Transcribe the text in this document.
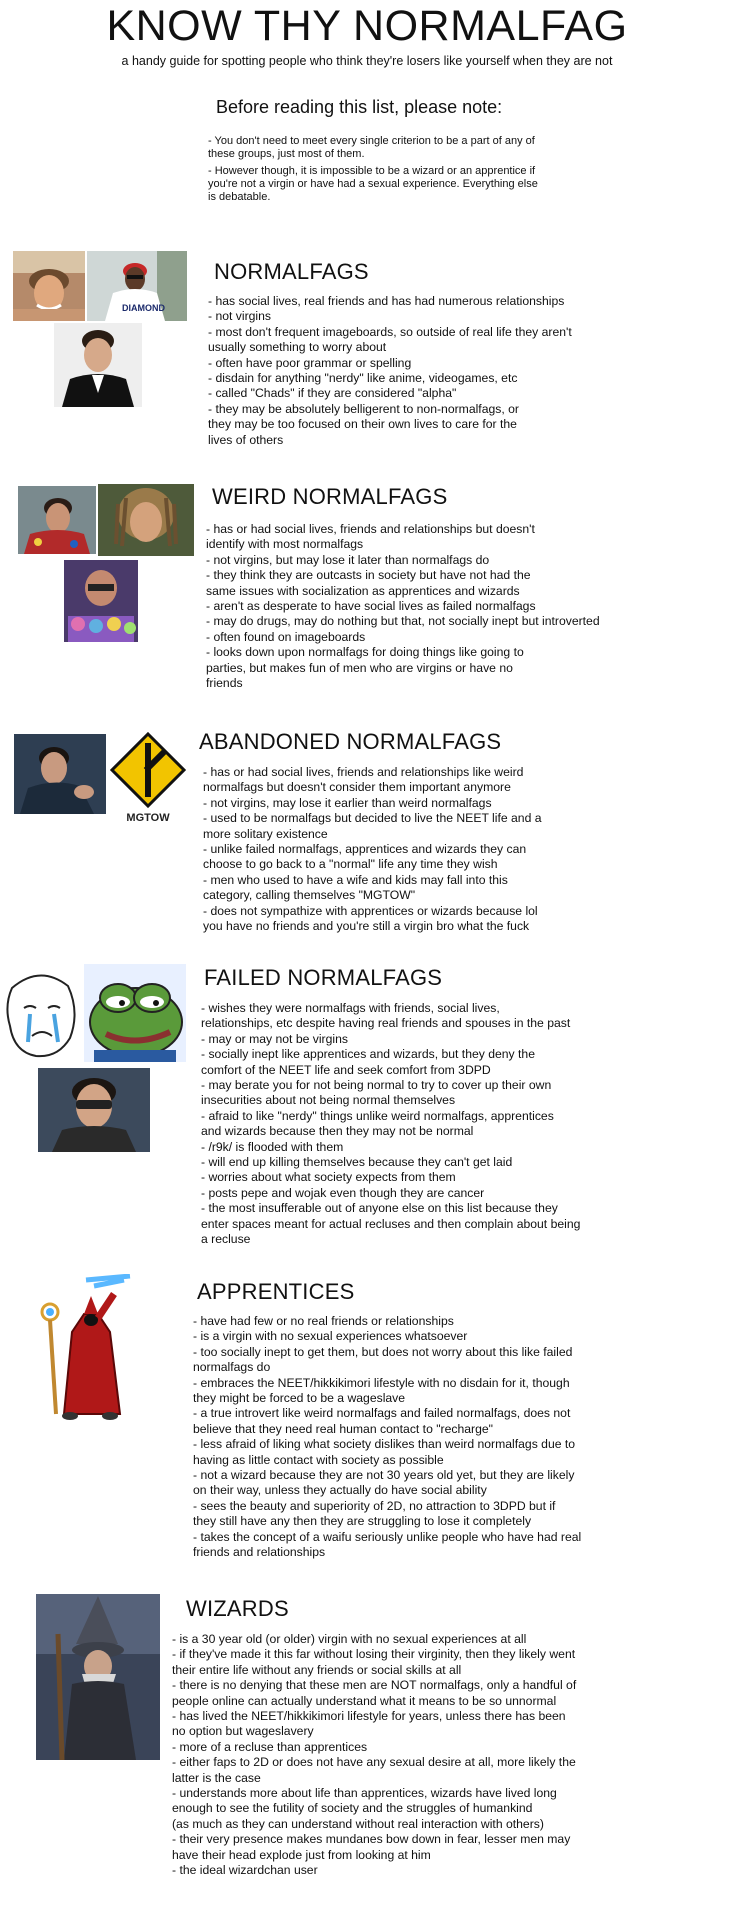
KNOW THY NORMALFAG
a handy guide for spotting people who think they're losers like yourself when they are not
Before reading this list, please note:
- You don't need to meet every single criterion to be a part of any of these groups, just most of them.
- However though, it is impossible to be a wizard or an apprentice if you're not a virgin or have had a sexual experience. Everything else is debatable.
DIAMOND
NORMALFAGS
- has social lives, real friends and has had numerous relationships
- not virgins
- most don't frequent imageboards, so outside of real life they aren't
usually something to worry about
- often have poor grammar or spelling
- disdain for anything "nerdy" like anime, videogames, etc
- called "Chads" if they are considered "alpha"
- they may be absolutely belligerent to non-normalfags, or
they may be too focused on their own lives to care for the
lives of others
WEIRD NORMALFAGS
- has or had social lives, friends and relationships but doesn't
identify with most normalfags
- not virgins, but may lose it later than normalfags do
- they think they are outcasts in society but have not had the
same issues with socialization as apprentices and wizards
- aren't as desperate to have social lives as failed normalfags
- may do drugs, may do nothing but that, not socially inept but introverted
- often found on imageboards
- looks down upon normalfags for doing things like going to
parties, but makes fun of men who are virgins or have no
friends
MGTOW
ABANDONED NORMALFAGS
- has or had social lives, friends and relationships like weird
normalfags but doesn't consider them important anymore
- not virgins, may lose it earlier than weird normalfags
- used to be normalfags but decided to live the NEET life and a
more solitary existence
- unlike failed normalfags, apprentices and wizards they can
choose to go back to a "normal" life any time they wish
- men who used to have a wife and kids may fall into this
category, calling themselves "MGTOW"
- does not sympathize with apprentices or wizards because lol
you have no friends and you're still a virgin bro what the fuck
FAILED NORMALFAGS
- wishes they were normalfags with friends, social lives,
relationships, etc despite having real friends and spouses in the past
- may or may not be virgins
- socially inept like apprentices and wizards, but they deny the
comfort of the NEET life and seek comfort from 3DPD
- may berate you for not being normal to try to cover up their own
insecurities about not being normal themselves
- afraid to like "nerdy" things unlike weird normalfags, apprentices
and wizards because then they may not be normal
- /r9k/ is flooded with them
- will end up killing themselves because they can't get laid
- worries about what society expects from them
- posts pepe and wojak even though they are cancer
- the most insufferable out of anyone else on this list because they
enter spaces meant for actual recluses and then complain about being
a recluse
APPRENTICES
- have had few or no real friends or relationships
- is a virgin with no sexual experiences whatsoever
- too socially inept to get them, but does not worry about this like failed
normalfags do
- embraces the NEET/hikkikimori lifestyle with no disdain for it, though
they might be forced to be a wageslave
- a true introvert like weird normalfags and failed normalfags, does not
believe that they need real human contact to "recharge"
- less afraid of liking what society dislikes than weird normalfags due to
having as little contact with society as possible
- not a wizard because they are not 30 years old yet, but they are likely
on their way, unless they actually do have social ability
- sees the beauty and superiority of 2D, no attraction to 3DPD but if
they still have any then they are struggling to lose it completely
- takes the concept of a waifu seriously unlike people who have had real
friends and relationships
WIZARDS
- is a 30 year old (or older) virgin with no sexual experiences at all
- if they've made it this far without losing their virginity, then they likely went
their entire life without any friends or social skills at all
- there is no denying that these men are NOT normalfags, only a handful of
people online can actually understand what it means to be so unnormal
- has lived the NEET/hikkikimori lifestyle for years, unless there has been
no option but wageslavery
- more of a recluse than apprentices
- either faps to 2D or does not have any sexual desire at all, more likely the
latter is the case
- understands more about life than apprentices, wizards have lived long
enough to see the futility of society and the struggles of humankind
(as much as they can understand without real interaction with others)
- their very presence makes mundanes bow down in fear, lesser men may
have their head explode just from looking at him
- the ideal wizardchan user
